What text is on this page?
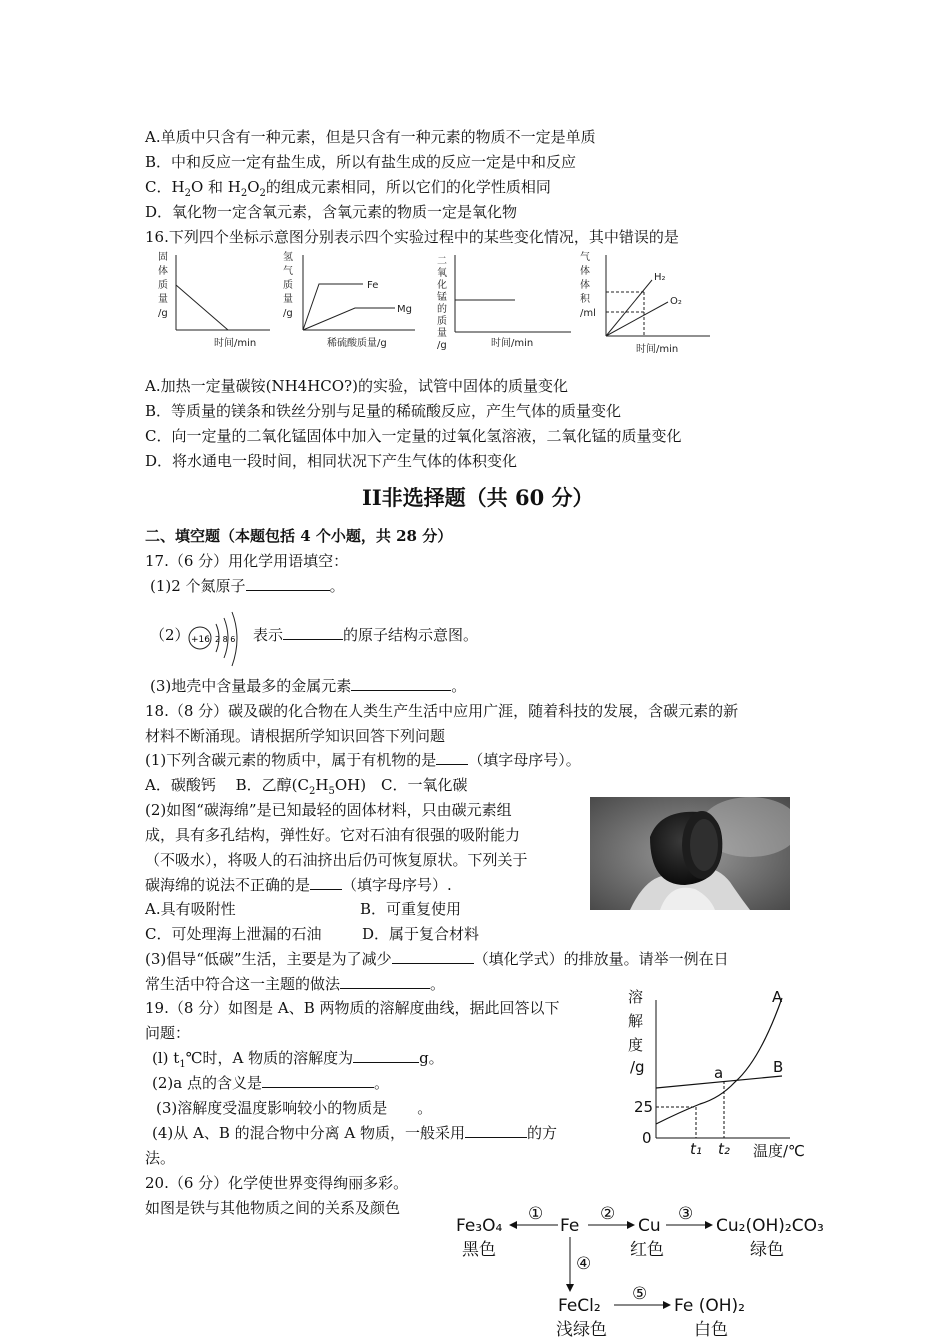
A.单质中只含有一种元素，但是只含有一种元素的物质不一定是单质
B．中和反应一定有盐生成，所以有盐生成的反应一定是中和反应
C．$H_2O$ 和 $H_2O_2$的组成元素相同，所以它们的化学性质相同
D．氧化物一定含氧元素，含氧元素的物质一定是氧化物
16.下列四个坐标示意图分别表示四个实验过程中的某些变化情况，其中错误的是
固
体
质
量
/g
时间/min
氢
气
质
量
/g
Fe
Mg
稀硫酸质量/g
二
氧
化
锰
的
质
量
/g	时间/min
气
体
体
积
/ml
H₂
O₂
时间/min
A.加热一定量碳铵(NH4HCO?)的实验，试管中固体的质量变化
B．等质量的镁条和铁丝分别与足量的稀硫酸反应，产生气体的质量变化
C．向一定量的二氧化锰固体中加入一定量的过氧化氢溶液，二氧化锰的质量变化
D．将水通电一段时间，相同状况下产生气体的体积变化
II非选择题（共 60 分）
二、填空题（本题包括 4 个小题，共 28 分）
17.（6 分）用化学用语填空：
(1)2 个氮原子	。
（2） +16 2 8 6 表示	的原子结构示意图。
(3)地壳中含量最多的金属元素	。
18.（8 分）碳及碳的化合物在人类生产生活中应用广涯，随着科技的发展，含碳元素的新
材料不断涌现。请根据所学知识回答下列问题
(1)下列含碳元素的物质中，属于有机物的是 （填字母序号）。
A．碳酸钙　 B．乙醇$(C_2H_5OH)$　C．一氧化碳
(2)如图“碳海绵”是已知最轻的固体材料，只由碳元素组
成，具有多孔结构，弹性好。它对石油有很强的吸附能力
（不吸水），将吸人的石油挤出后仍可恢复原状。下列关于
碳海绵的说法不正确的是 （填字母序号）.
A.具有吸附性	B．可重复使用
C．可处理海上泄漏的石油	D．属于复合材料
(3)倡导“低碳”生活，主要是为了减少	（填化学式）的排放量。请举一例在日
常生活中符合这一主题的做法	。
19.（8 分）如图是 A、B 两物质的溶解度曲线，据此回答以下
问题：
(l) $t_1℃$时，A 物质的溶解度为	g。
(2)a 点的含义是	。
(3)溶解度受温度影响较小的物质是　　。
(4)从 A、B 的混合物中分离 A 物质，一般采用	的方
法。
溶
解
度
/g
A
B
a
25
0
t₁ t₂ 温度/℃
20.（6 分）化学使世界变得绚丽多彩。
如图是铁与其他物质之间的关系及颜色
Fe₃O₄
黑色
①
Fe
②
Cu
红色
③
Cu₂(OH)₂CO₃
绿色
④
FeCl₂
浅绿色
⑤
Fe (OH)₂
白色
